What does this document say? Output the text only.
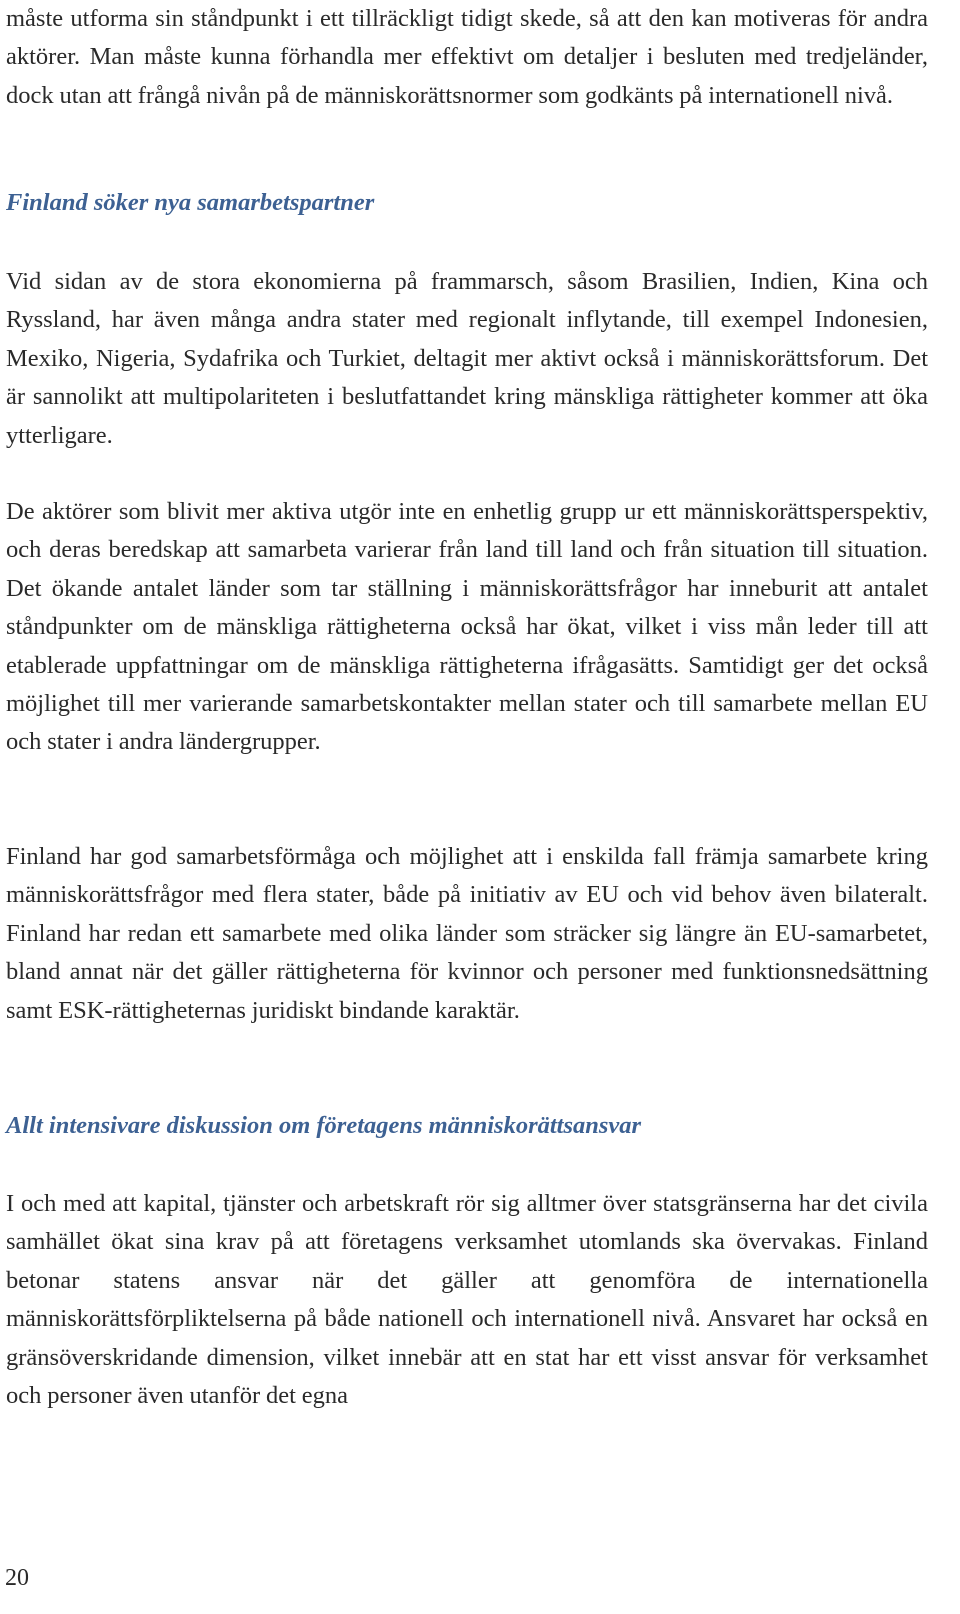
måste utforma sin ståndpunkt i ett tillräckligt tidigt skede, så att den kan motiveras för andra aktörer. Man måste kunna förhandla mer effektivt om detaljer i besluten med tredjeländer, dock utan att frångå nivån på de människorättsnormer som godkänts på internationell nivå.

Finland söker nya samarbetspartner

Vid sidan av de stora ekonomierna på frammarsch, såsom Brasilien, Indien, Kina och Ryssland, har även många andra stater med regionalt inflytande, till exempel Indonesien, Mexiko, Nigeria, Sydafrika och Turkiet, deltagit mer aktivt också i människorättsforum. Det är sannolikt att multipolariteten i beslutfattandet kring mänskliga rättigheter kommer att öka ytterligare.

De aktörer som blivit mer aktiva utgör inte en enhetlig grupp ur ett människorättsperspektiv, och deras beredskap att samarbeta varierar från land till land och från situation till situation. Det ökande antalet länder som tar ställning i människorättsfrågor har inneburit att antalet ståndpunkter om de mänskliga rättigheterna också har ökat, vilket i viss mån leder till att etablerade uppfattningar om de mänskliga rättigheterna ifrågasätts. Samtidigt ger det också möjlighet till mer varierande samarbetskontakter mellan stater och till samarbete mellan EU och stater i andra ländergrupper.

Finland har god samarbetsförmåga och möjlighet att i enskilda fall främja samarbete kring människorättsfrågor med flera stater, både på initiativ av EU och vid behov även bilateralt. Finland har redan ett samarbete med olika länder som sträcker sig längre än EU-samarbetet, bland annat när det gäller rättigheterna för kvinnor och personer med funktionsnedsättning samt ESK-rättigheternas juridiskt bindande karaktär.

Allt intensivare diskussion om företagens människorättsansvar

I och med att kapital, tjänster och arbetskraft rör sig alltmer över statsgränserna har det civila samhället ökat sina krav på att företagens verksamhet utomlands ska övervakas. Finland betonar statens ansvar när det gäller att genomföra de internationella människorättsförpliktelserna på både nationell och internationell nivå. Ansvaret har också en gränsöverskridande dimension, vilket innebär att en stat har ett visst ansvar för verksamhet och personer även utanför det egna

20
